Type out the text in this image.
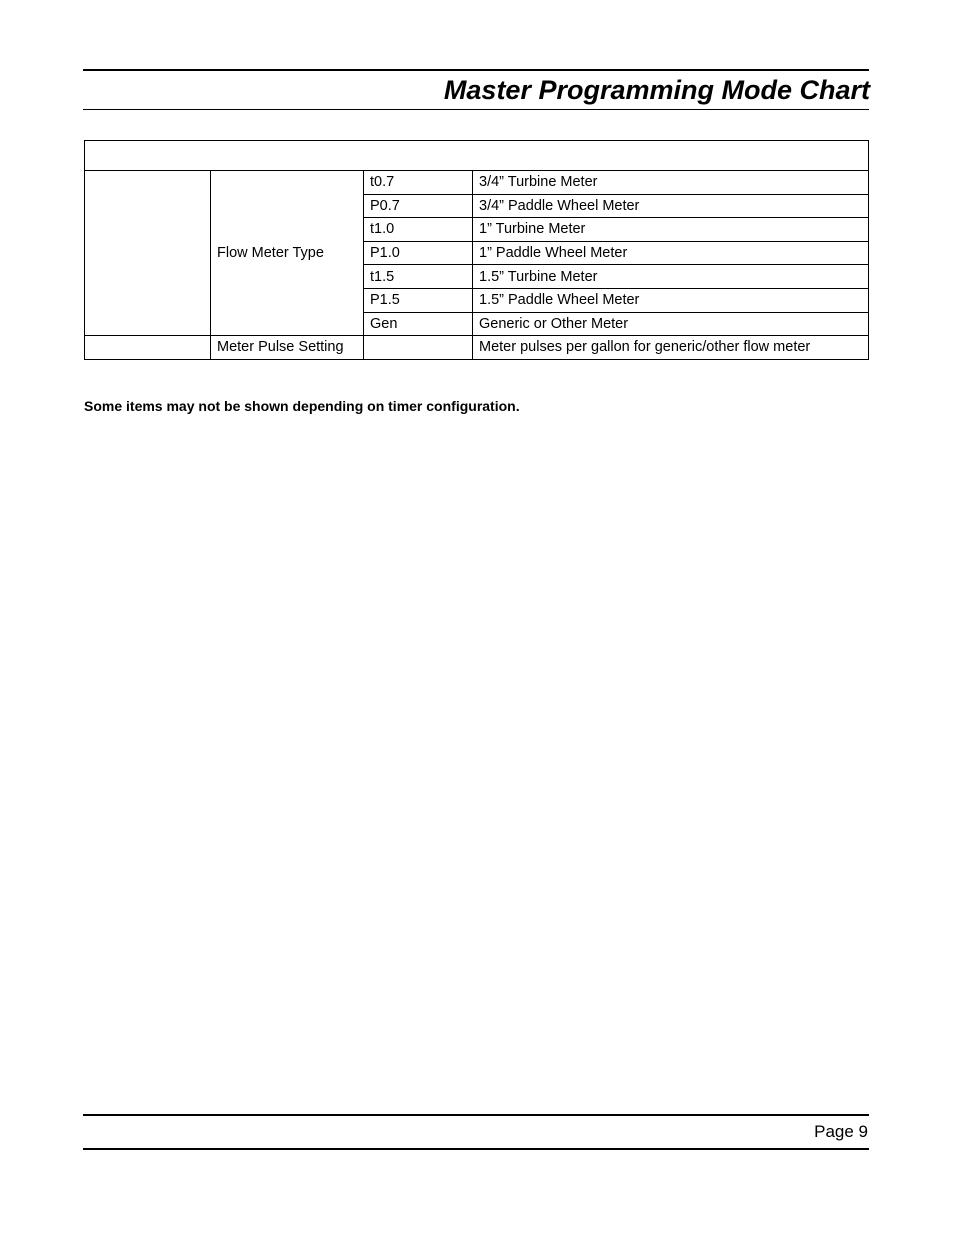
Master Programming Mode Chart

	Flow Meter Type	t0.7	3/4” Turbine Meter
		P0.7	3/4” Paddle Wheel Meter
		t1.0	1” Turbine Meter
		P1.0	1” Paddle Wheel Meter
		t1.5	1.5” Turbine Meter
		P1.5	1.5” Paddle Wheel Meter
		Gen	Generic or Other Meter
	Meter Pulse Setting		Meter pulses per gallon for generic/other flow meter
Some items may not be shown depending on timer configuration.
Page 9
